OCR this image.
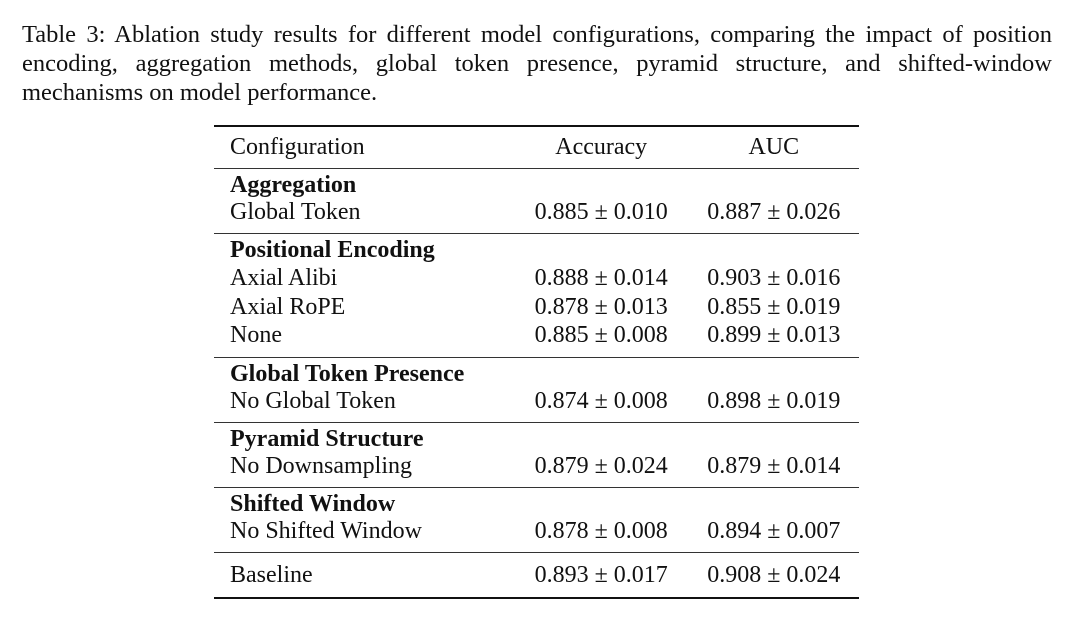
Table 3: Ablation study results for different model configurations, comparing the impact of position
encoding, aggregation methods, global token presence, pyramid structure, and shifted-window
mechanisms on model performance.

Configuration	Accuracy	AUC
Aggregation		
Global Token	0.885 ± 0.010	0.887 ± 0.026
Positional Encoding		
Axial Alibi	0.888 ± 0.014	0.903 ± 0.016
Axial RoPE	0.878 ± 0.013	0.855 ± 0.019
None	0.885 ± 0.008	0.899 ± 0.013
Global Token Presence		
No Global Token	0.874 ± 0.008	0.898 ± 0.019
Pyramid Structure		
No Downsampling	0.879 ± 0.024	0.879 ± 0.014
Shifted Window		
No Shifted Window	0.878 ± 0.008	0.894 ± 0.007
Baseline	0.893 ± 0.017	0.908 ± 0.024
